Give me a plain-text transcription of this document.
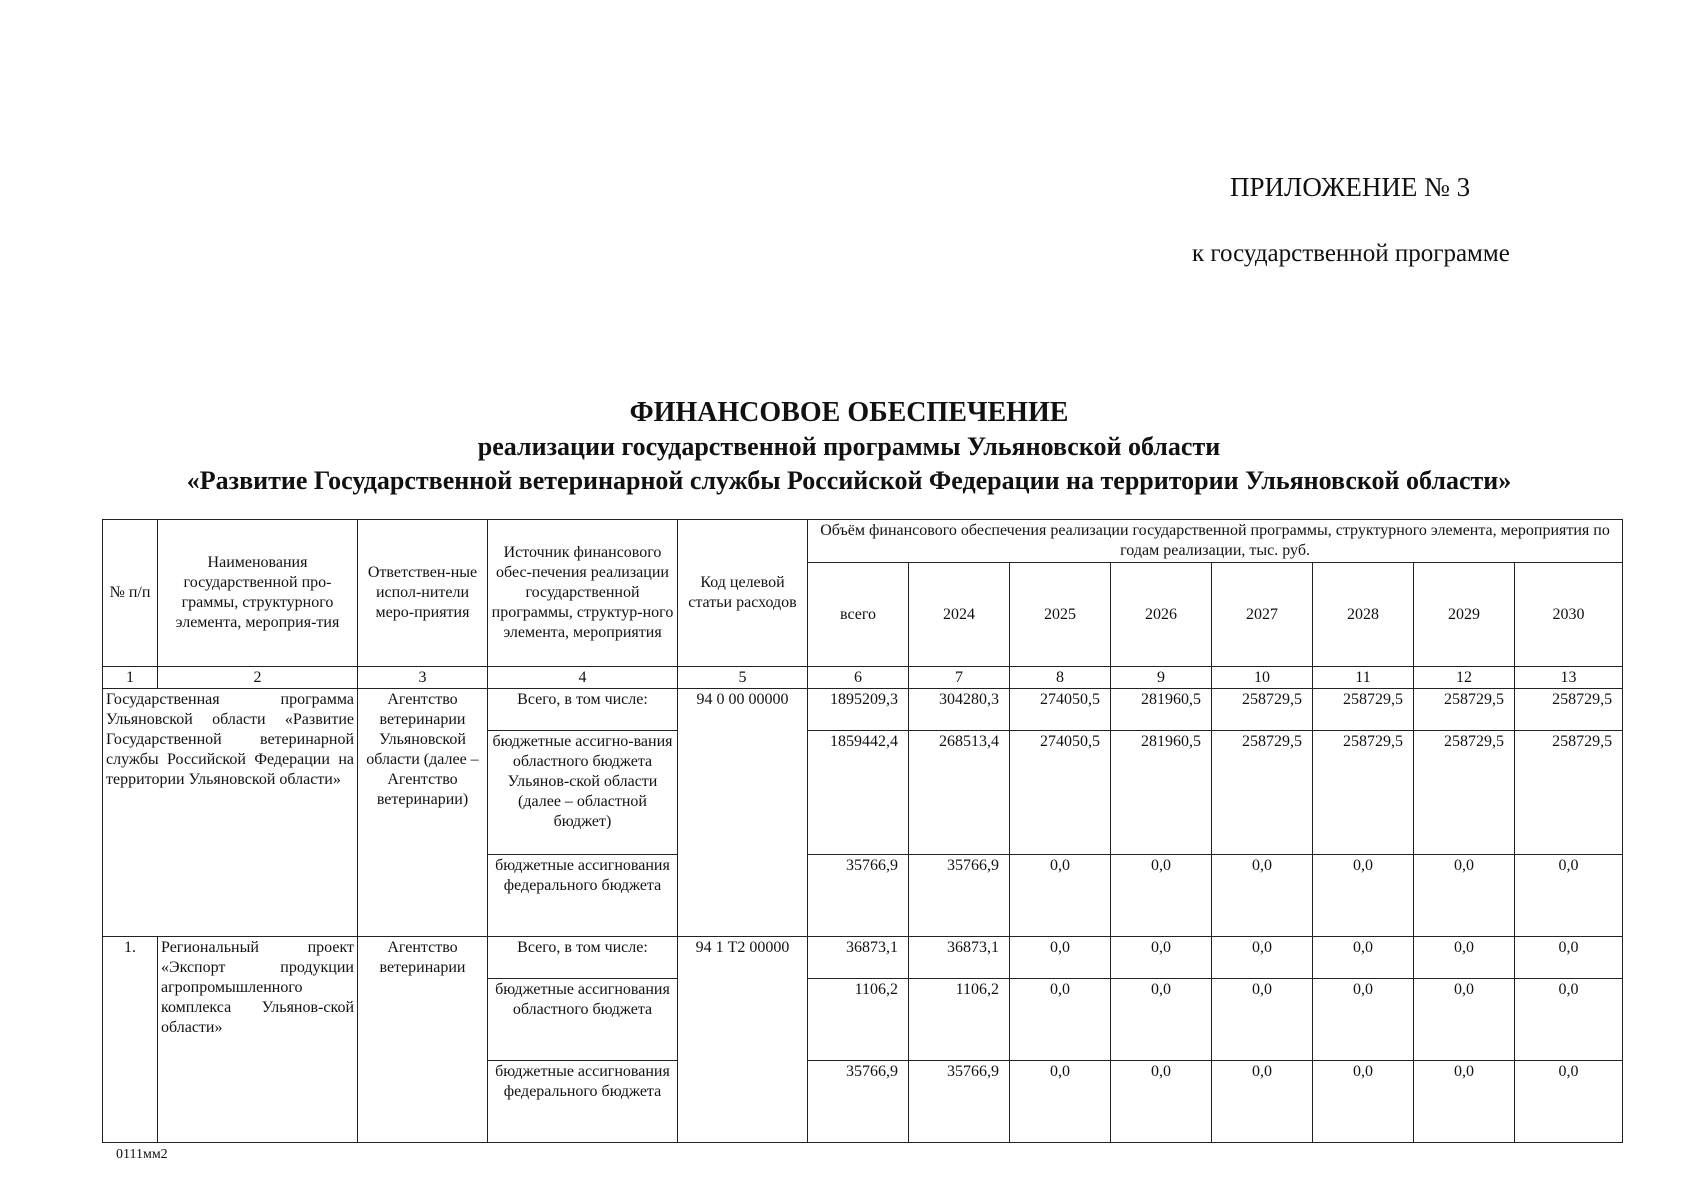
ПРИЛОЖЕНИЕ № 3
к государственной программе
ФИНАНСОВОЕ ОБЕСПЕЧЕНИЕ
реализации государственной программы Ульяновской области
«Развитие Государственной ветеринарной службы Российской Федерации на территории Ульяновской области»
№ п/п	Наименования государственной про-граммы, структурного элемента, мероприя-тия	Ответствен-ные испол-нители меро-приятия	Источник финансового обес-печения реализации государственной программы, структур-ного элемента, мероприятия	Код целевой статьи расходов	Объём финансового обеспечения реализации государственной программы, структурного элемента, мероприятия по годам реализации, тыс. руб.							
					всего	2024	2025	2026	2027	2028	2029	2030
1	2	3	4	5	6	7	8	9	10	11	12	13
Государственная программа Ульяновской области «Развитие Государственной ветеринарной службы Российской Федерации на территории Ульяновской области»		Агентство ветеринарии Ульяновской области (далее – Агентство ветеринарии)	Всего, в том числе:	94 0 00 00000	1895209,3	304280,3	274050,5	281960,5	258729,5	258729,5	258729,5	258729,5
			бюджетные ассигно-вания областного бюджета Ульянов-ской области (далее – областной бюджет)		1859442,4	268513,4	274050,5	281960,5	258729,5	258729,5	258729,5	258729,5
			бюджетные ассигнования федерального бюджета		35766,9	35766,9	0,0	0,0	0,0	0,0	0,0	0,0
1.	Региональный проект «Экспорт продукции агропромышленного комплекса Ульянов-ской области»	Агентство ветеринарии	Всего, в том числе:	94 1 Т2 00000	36873,1	36873,1	0,0	0,0	0,0	0,0	0,0	0,0
			бюджетные ассигнования областного бюджета		1106,2	1106,2	0,0	0,0	0,0	0,0	0,0	0,0
			бюджетные ассигнования федерального бюджета		35766,9	35766,9	0,0	0,0	0,0	0,0	0,0	0,0
0111мм2
